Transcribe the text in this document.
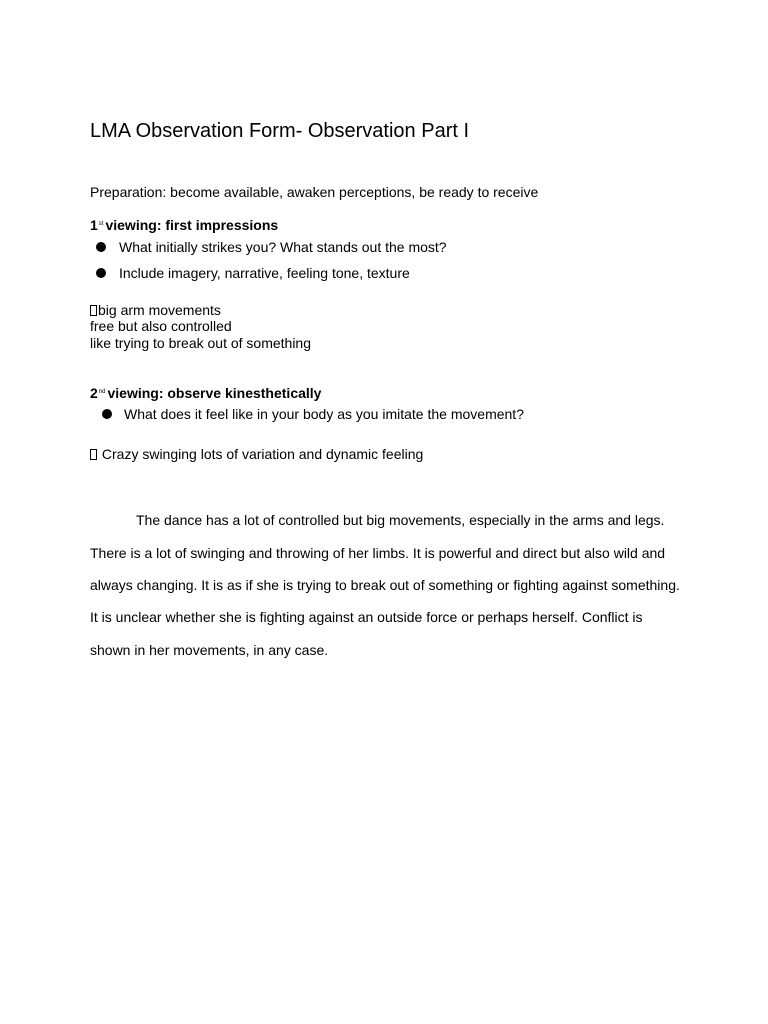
LMA Observation Form- Observation Part I
Preparation: become available, awaken perceptions, be ready to receive
1st viewing: first impressions
What initially strikes you? What stands out the most?
Include imagery, narrative, feeling tone, texture
big arm movements
free but also controlled
like trying to break out of something
2nd viewing: observe kinesthetically
What does it feel like in your body as you imitate the movement?
Crazy swinging lots of variation and dynamic feeling

The dance has a lot of controlled but big movements, especially in the arms and legs.

There is a lot of swinging and throwing of her limbs. It is powerful and direct but also wild and

always changing. It is as if she is trying to break out of something or fighting against something.

It is unclear whether she is fighting against an outside force or perhaps herself. Conflict is

shown in her movements, in any case.
